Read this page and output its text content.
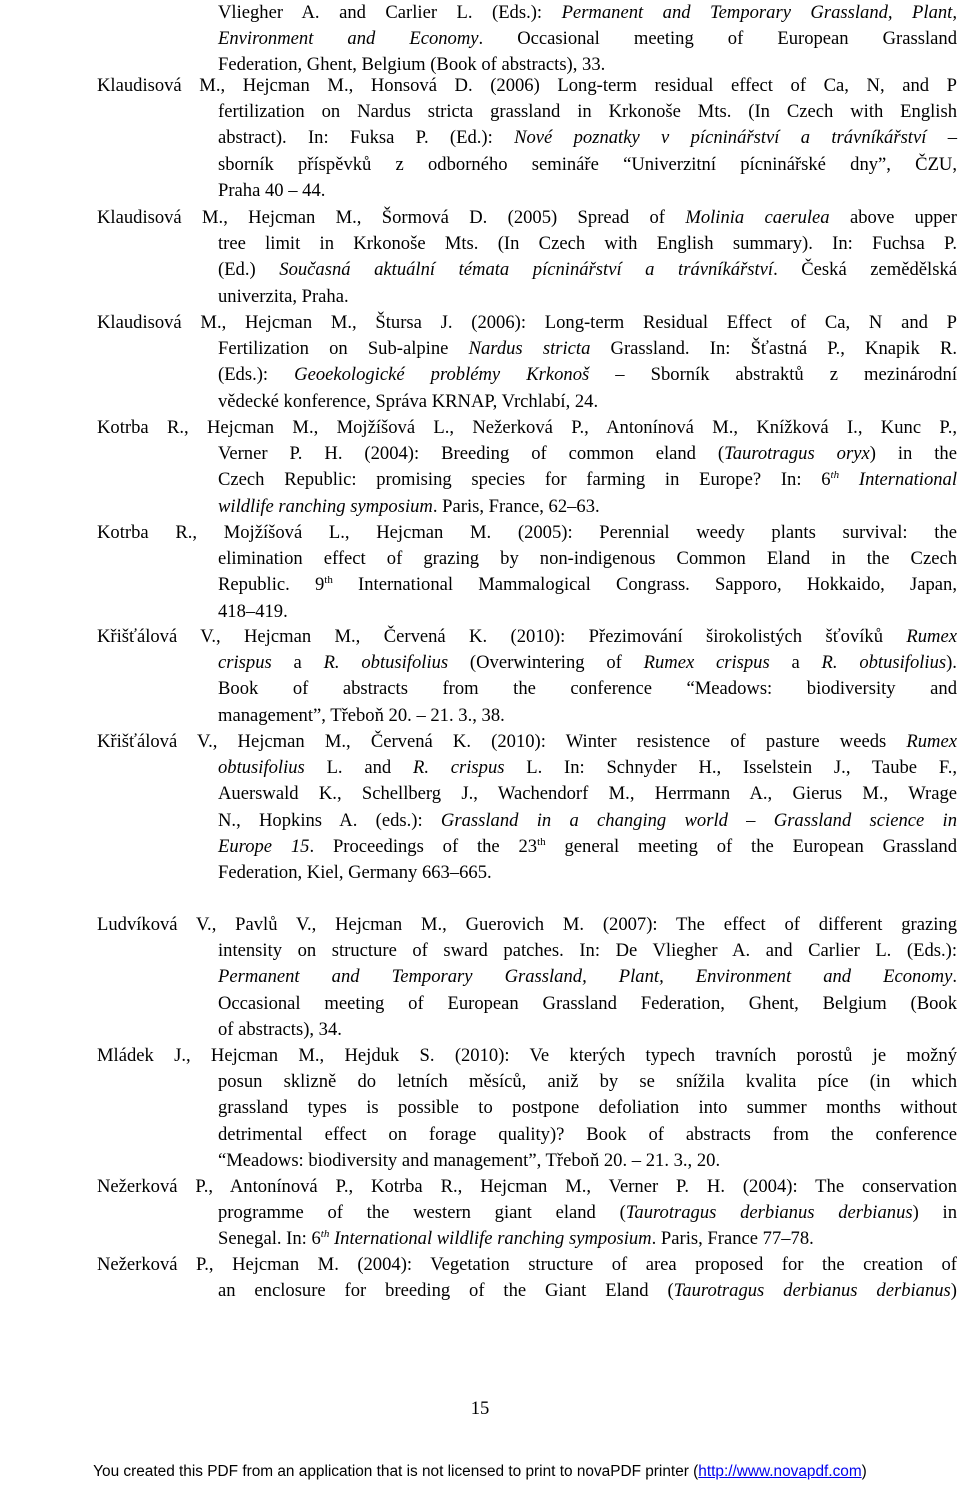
Vliegher A. and Carlier L. (Eds.): Permanent and Temporary Grassland, Plant,
Environment and Economy. Occasional meeting of European Grassland
Federation, Ghent, Belgium (Book of abstracts), 33.
Klaudisová M., Hejcman M., Honsová D. (2006) Long-term residual effect of Ca, N, and P
fertilization on Nardus stricta grassland in Krkonoše Mts. (In Czech with English
abstract). In: Fuksa P. (Ed.): Nové poznatky v pícninářství a trávníkářství –
sborník příspěvků z odborného semináře “Univerzitní pícninářské dny”, ČZU,
Praha 40 – 44.
Klaudisová M., Hejcman M., Šormová D. (2005) Spread of Molinia caerulea above upper
tree limit in Krkonoše Mts. (In Czech with English summary). In: Fuchsa P.
(Ed.) Současná aktuální témata pícninářství a trávníkářství. Česká zemědělská
univerzita, Praha.
Klaudisová M., Hejcman M., Štursa J. (2006): Long-term Residual Effect of Ca, N and P
Fertilization on Sub-alpine Nardus stricta Grassland. In: Šťastná P., Knapik R.
(Eds.): Geoekologické problémy Krkonoš – Sborník abstraktů z mezinárodní
vědecké konference, Správa KRNAP, Vrchlabí, 24.
Kotrba R., Hejcman M., Mojžíšová L., Nežerková P., Antonínová M., Knížková I., Kunc P.,
Verner P. H. (2004): Breeding of common eland (Taurotragus oryx) in the
Czech Republic: promising species for farming in Europe? In: 6th International
wildlife ranching symposium. Paris, France, 62–63.
Kotrba R., Mojžíšová L., Hejcman M. (2005): Perennial weedy plants survival: the
elimination effect of grazing by non-indigenous Common Eland in the Czech
Republic. 9th International Mammalogical Congrass. Sapporo, Hokkaido, Japan,
418–419.
Křišťálová V., Hejcman M., Červená K. (2010): Přezimování širokolistých šťovíků Rumex
crispus a R. obtusifolius (Overwintering of Rumex crispus a R. obtusifolius).
Book of abstracts from the conference “Meadows: biodiversity and
management”, Třeboň 20. – 21. 3., 38.
Křišťálová V., Hejcman M., Červená K. (2010): Winter resistence of pasture weeds Rumex
obtusifolius L. and R. crispus L. In: Schnyder H., Isselstein J., Taube F.,
Auerswald K., Schellberg J., Wachendorf M., Herrmann A., Gierus M., Wrage
N., Hopkins A. (eds.): Grassland in a changing world – Grassland science in
Europe 15. Proceedings of the 23th general meeting of the European Grassland
Federation, Kiel, Germany 663–665.
Ludvíková V., Pavlů V., Hejcman M., Guerovich M. (2007): The effect of different grazing
intensity on structure of sward patches. In: De Vliegher A. and Carlier L. (Eds.):
Permanent and Temporary Grassland, Plant, Environment and Economy.
Occasional meeting of European Grassland Federation, Ghent, Belgium (Book
of abstracts), 34.
Mládek J., Hejcman M., Hejduk S. (2010): Ve kterých typech travních porostů je možný
posun sklizně do letních měsíců, aniž by se snížila kvalita píce (in which
grassland types is possible to postpone defoliation into summer months without
detrimental effect on forage quality)? Book of abstracts from the conference
“Meadows: biodiversity and management”, Třeboň 20. – 21. 3., 20.
Nežerková P., Antonínová P., Kotrba R., Hejcman M., Verner P. H. (2004): The conservation
programme of the western giant eland (Taurotragus derbianus derbianus) in
Senegal. In: 6th International wildlife ranching symposium. Paris, France 77–78.
Nežerková P., Hejcman M. (2004): Vegetation structure of area proposed for the creation of
an enclosure for breeding of the Giant Eland (Taurotragus derbianus derbianus)
15
You created this PDF from an application that is not licensed to print to novaPDF printer (http://www.novapdf.com)
